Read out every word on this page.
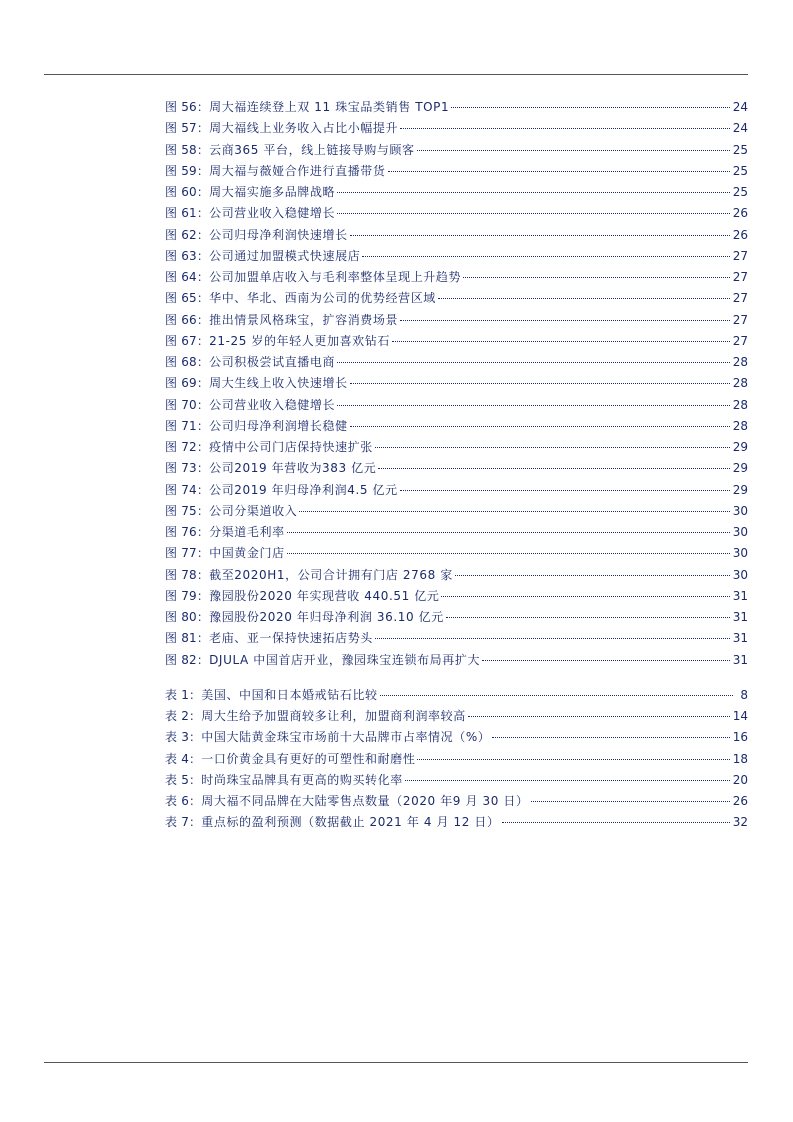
图 56： 周大福连续登上双 11 珠宝品类销售 TOP1	24
图 57： 周大福线上业务收入占比小幅提升	24
图 58： 云商365 平台，线上链接导购与顾客	25
图 59： 周大福与薇娅合作进行直播带货	25
图 60： 周大福实施多品牌战略	25
图 61： 公司营业收入稳健增长	26
图 62： 公司归母净利润快速增长	26
图 63： 公司通过加盟模式快速展店	27
图 64： 公司加盟单店收入与毛利率整体呈现上升趋势	27
图 65： 华中、华北、西南为公司的优势经营区域	27
图 66： 推出情景风格珠宝，扩容消费场景	27
图 67： 21-25 岁的年轻人更加喜欢钻石	27
图 68： 公司积极尝试直播电商	28
图 69： 周大生线上收入快速增长	28
图 70： 公司营业收入稳健增长	28
图 71： 公司归母净利润增长稳健	28
图 72： 疫情中公司门店保持快速扩张	29
图 73： 公司2019 年营收为383 亿元	29
图 74： 公司2019 年归母净利润4.5 亿元	29
图 75： 公司分渠道收入	30
图 76： 分渠道毛利率	30
图 77： 中国黄金门店	30
图 78： 截至2020H1，公司合计拥有门店 2768 家	30
图 79： 豫园股份2020 年实现营收 440.51 亿元	31
图 80： 豫园股份2020 年归母净利润 36.10 亿元	31
图 81： 老庙、亚一保持快速拓店势头	31
图 82： DJULA 中国首店开业，豫园珠宝连锁布局再扩大	31
表 1： 美国、中国和日本婚戒钻石比较	8
表 2： 周大生给予加盟商较多让利，加盟商利润率较高	14
表 3： 中国大陆黄金珠宝市场前十大品牌市占率情况（%）	16
表 4： 一口价黄金具有更好的可塑性和耐磨性	18
表 5： 时尚珠宝品牌具有更高的购买转化率	20
表 6： 周大福不同品牌在大陆零售点数量（2020 年9 月 30 日）	26
表 7： 重点标的盈利预测（数据截止 2021 年 4 月 12 日）	32
